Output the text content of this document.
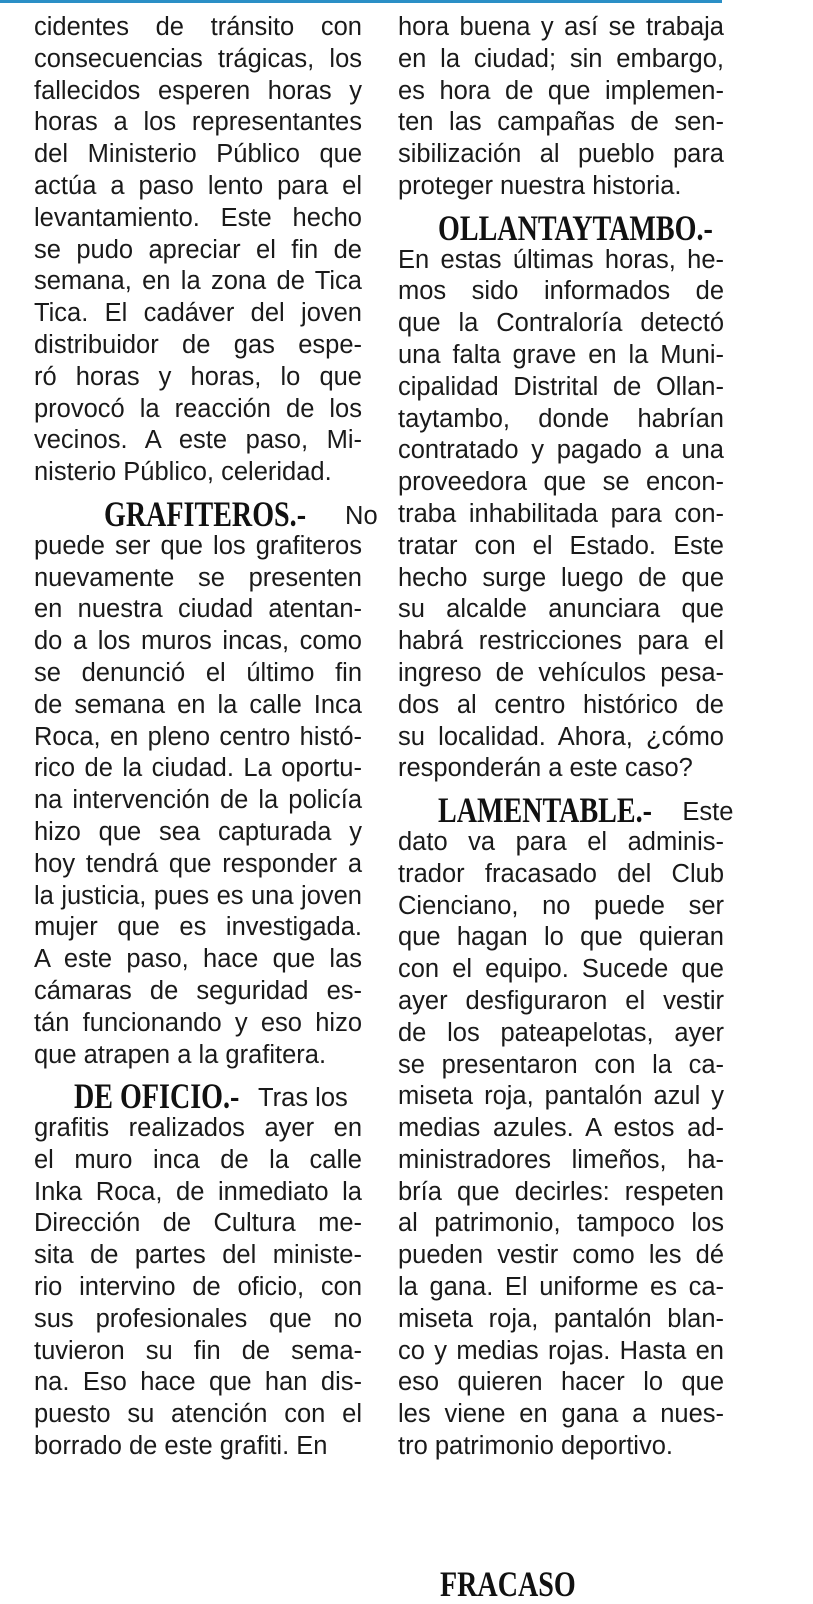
cidentes de tránsito con
consecuencias trágicas, los
fallecidos esperen horas y
horas a los representantes
del Ministerio Público que
actúa a paso lento para el
levantamiento. Este hecho
se pudo apreciar el fin de
semana, en la zona de Tica
Tica. El cadáver del joven
distribuidor de gas espe-
ró horas y horas, lo que
provocó la reacción de los
vecinos. A este paso, Mi-
nisterio Público, celeridad.
GRAFITEROS.- No
puede ser que los grafiteros
nuevamente se presenten
en nuestra ciudad atentan-
do a los muros incas, como
se denunció el último fin
de semana en la calle Inca
Roca, en pleno centro histó-
rico de la ciudad. La oportu-
na intervención de la policía
hizo que sea capturada y
hoy tendrá que responder a
la justicia, pues es una joven
mujer que es investigada.
A este paso, hace que las
cámaras de seguridad es-
tán funcionando y eso hizo
que atrapen a la grafitera.
DE OFICIO.- Tras los
grafitis realizados ayer en
el muro inca de la calle
Inka Roca, de inmediato la
Dirección de Cultura me-
sita de partes del ministe-
rio intervino de oficio, con
sus profesionales que no
tuvieron su fin de sema-
na. Eso hace que han dis-
puesto su atención con el
borrado de este grafiti. En
hora buena y así se trabaja
en la ciudad; sin embargo,
es hora de que implemen-
ten las campañas de sen-
sibilización al pueblo para
proteger nuestra historia.
OLLANTAYTAMBO.-
En estas últimas horas, he-
mos sido informados de
que la Contraloría detectó
una falta grave en la Muni-
cipalidad Distrital de Ollan-
taytambo, donde habrían
contratado y pagado a una
proveedora que se encon-
traba inhabilitada para con-
tratar con el Estado. Este
hecho surge luego de que
su alcalde anunciara que
habrá restricciones para el
ingreso de vehículos pesa-
dos al centro histórico de
su localidad. Ahora, ¿cómo
responderán a este caso?
LAMENTABLE.- Este
dato va para el adminis-
trador fracasado del Club
Cienciano, no puede ser
que hagan lo que quieran
con el equipo. Sucede que
ayer desfiguraron el vestir
de los pateapelotas, ayer
se presentaron con la ca-
miseta roja, pantalón azul y
medias azules. A estos ad-
ministradores limeños, ha-
bría que decirles: respeten
al patrimonio, tampoco los
pueden vestir como les dé
la gana. El uniforme es ca-
miseta roja, pantalón blan-
co y medias rojas. Hasta en
eso quieren hacer lo que
les viene en gana a nues-
tro patrimonio deportivo.
FRACASO
